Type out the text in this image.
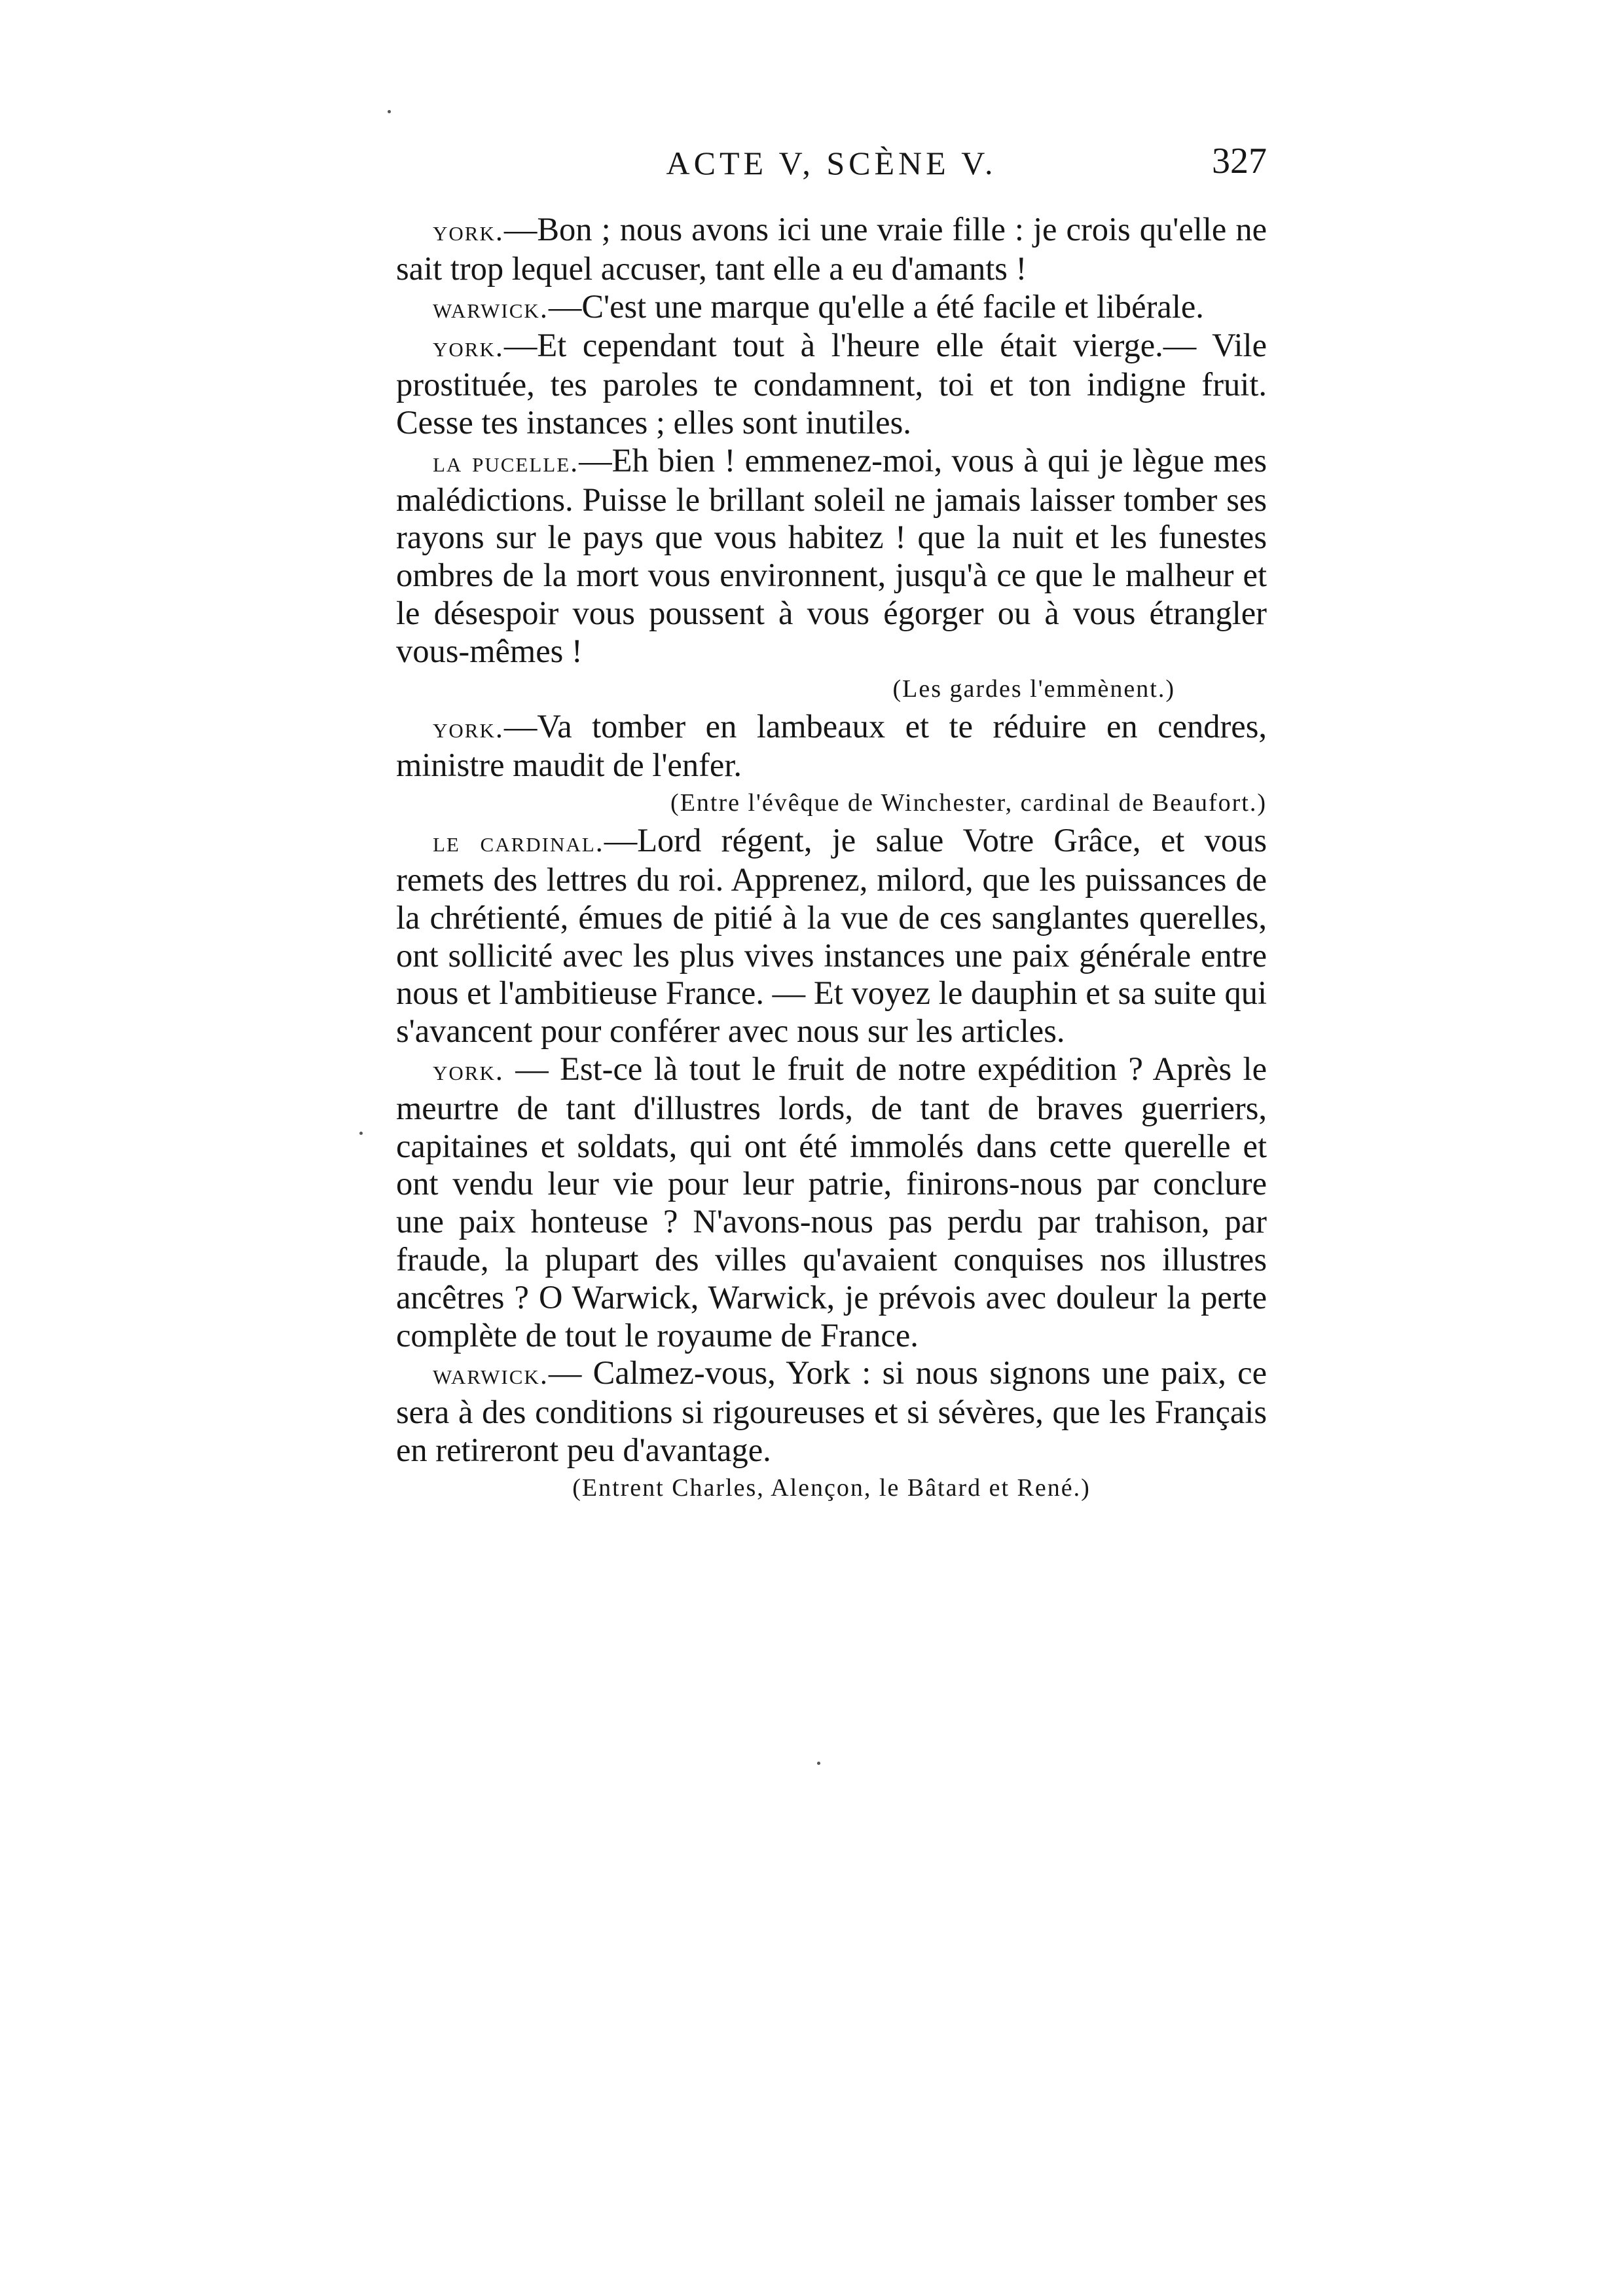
ACTE V, SCÈNE V.	327

york.—Bon ; nous avons ici une vraie fille : je crois qu'elle ne sait trop lequel accuser, tant elle a eu d'amants !

warwick.—C'est une marque qu'elle a été facile et libérale.

york.—Et cependant tout à l'heure elle était vierge.— Vile prostituée, tes paroles te condamnent, toi et ton indigne fruit. Cesse tes instances ; elles sont inutiles.

la pucelle.—Eh bien ! emmenez-moi, vous à qui je lègue mes malédictions. Puisse le brillant soleil ne jamais laisser tomber ses rayons sur le pays que vous habitez ! que la nuit et les funestes ombres de la mort vous environnent, jusqu'à ce que le malheur et le désespoir vous poussent à vous égorger ou à vous étrangler vous-mêmes !

(Les gardes l'emmènent.)

york.—Va tomber en lambeaux et te réduire en cendres, ministre maudit de l'enfer.

(Entre l'évêque de Winchester, cardinal de Beaufort.)

le cardinal.—Lord régent, je salue Votre Grâce, et vous remets des lettres du roi. Apprenez, milord, que les puissances de la chrétienté, émues de pitié à la vue de ces sanglantes querelles, ont sollicité avec les plus vives instances une paix générale entre nous et l'ambitieuse France. — Et voyez le dauphin et sa suite qui s'avancent pour conférer avec nous sur les articles.

york. — Est-ce là tout le fruit de notre expédition ? Après le meurtre de tant d'illustres lords, de tant de braves guerriers, capitaines et soldats, qui ont été immolés dans cette querelle et ont vendu leur vie pour leur patrie, finirons-nous par conclure une paix honteuse ? N'avons-nous pas perdu par trahison, par fraude, la plupart des villes qu'avaient conquises nos illustres ancêtres ? O Warwick, Warwick, je prévois avec douleur la perte complète de tout le royaume de France.

warwick.— Calmez-vous, York : si nous signons une paix, ce sera à des conditions si rigoureuses et si sévères, que les Français en retireront peu d'avantage.

(Entrent Charles, Alençon, le Bâtard et René.)
